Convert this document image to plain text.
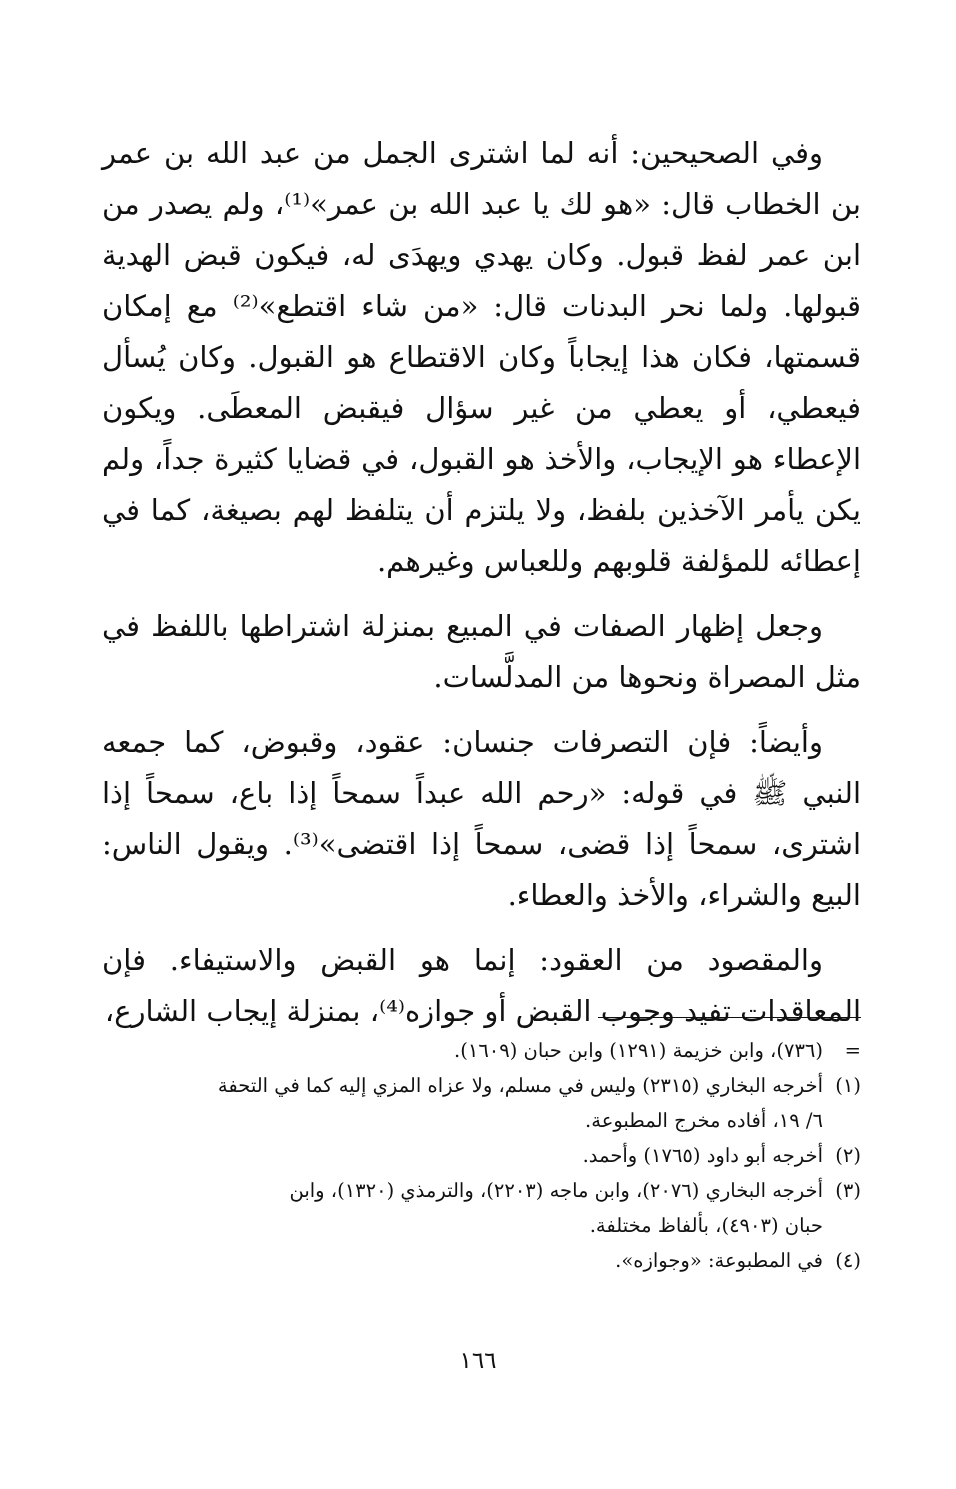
وفي الصحيحين: أنه لما اشترى الجمل من عبد الله بن عمر بن الخطاب قال: «هو لك يا عبد الله بن عمر»⁽¹⁾، ولم يصدر من ابن عمر لفظ قبول. وكان يهدي ويهدَى له، فيكون قبض الهدية قبولها. ولما نحر البدنات قال: «من شاء اقتطع»⁽²⁾ مع إمكان قسمتها، فكان هذا إيجاباً وكان الاقتطاع هو القبول. وكان يُسأل فيعطي، أو يعطي من غير سؤال فيقبض المعطَى. ويكون الإعطاء هو الإيجاب، والأخذ هو القبول، في قضايا كثيرة جداً، ولم يكن يأمر الآخذين بلفظ، ولا يلتزم أن يتلفظ لهم بصيغة، كما في إعطائه للمؤلفة قلوبهم وللعباس وغيرهم.

وجعل إظهار الصفات في المبيع بمنزلة اشتراطها باللفظ في مثل المصراة ونحوها من المدلَّسات.

وأيضاً: فإن التصرفات جنسان: عقود، وقبوض، كما جمعه النبي ﷺ في قوله: «رحم الله عبداً سمحاً إذا باع، سمحاً إذا اشترى، سمحاً إذا قضى، سمحاً إذا اقتضى»⁽³⁾. ويقول الناس: البيع والشراء، والأخذ والعطاء.

والمقصود من العقود: إنما هو القبض والاستيفاء. فإن المعاقدات تفيد وجوب القبض أو جوازه⁽⁴⁾، بمنزلة إيجاب الشارع،

=(٧٣٦)، وابن خزيمة (١٢٩١) وابن حبان (١٦٠٩).

(١)أخرجه البخاري (٢٣١٥) وليس في مسلم، ولا عزاه المزي إليه كما في التحفة
٦/ ١٩، أفاده مخرج المطبوعة.

(٢)أخرجه أبو داود (١٧٦٥) وأحمد.

(٣)أخرجه البخاري (٢٠٧٦)، وابن ماجه (٢٢٠٣)، والترمذي (١٣٢٠)، وابن
حبان (٤٩٠٣)، بألفاظ مختلفة.

(٤)في المطبوعة: «وجوازه».

١٦٦
